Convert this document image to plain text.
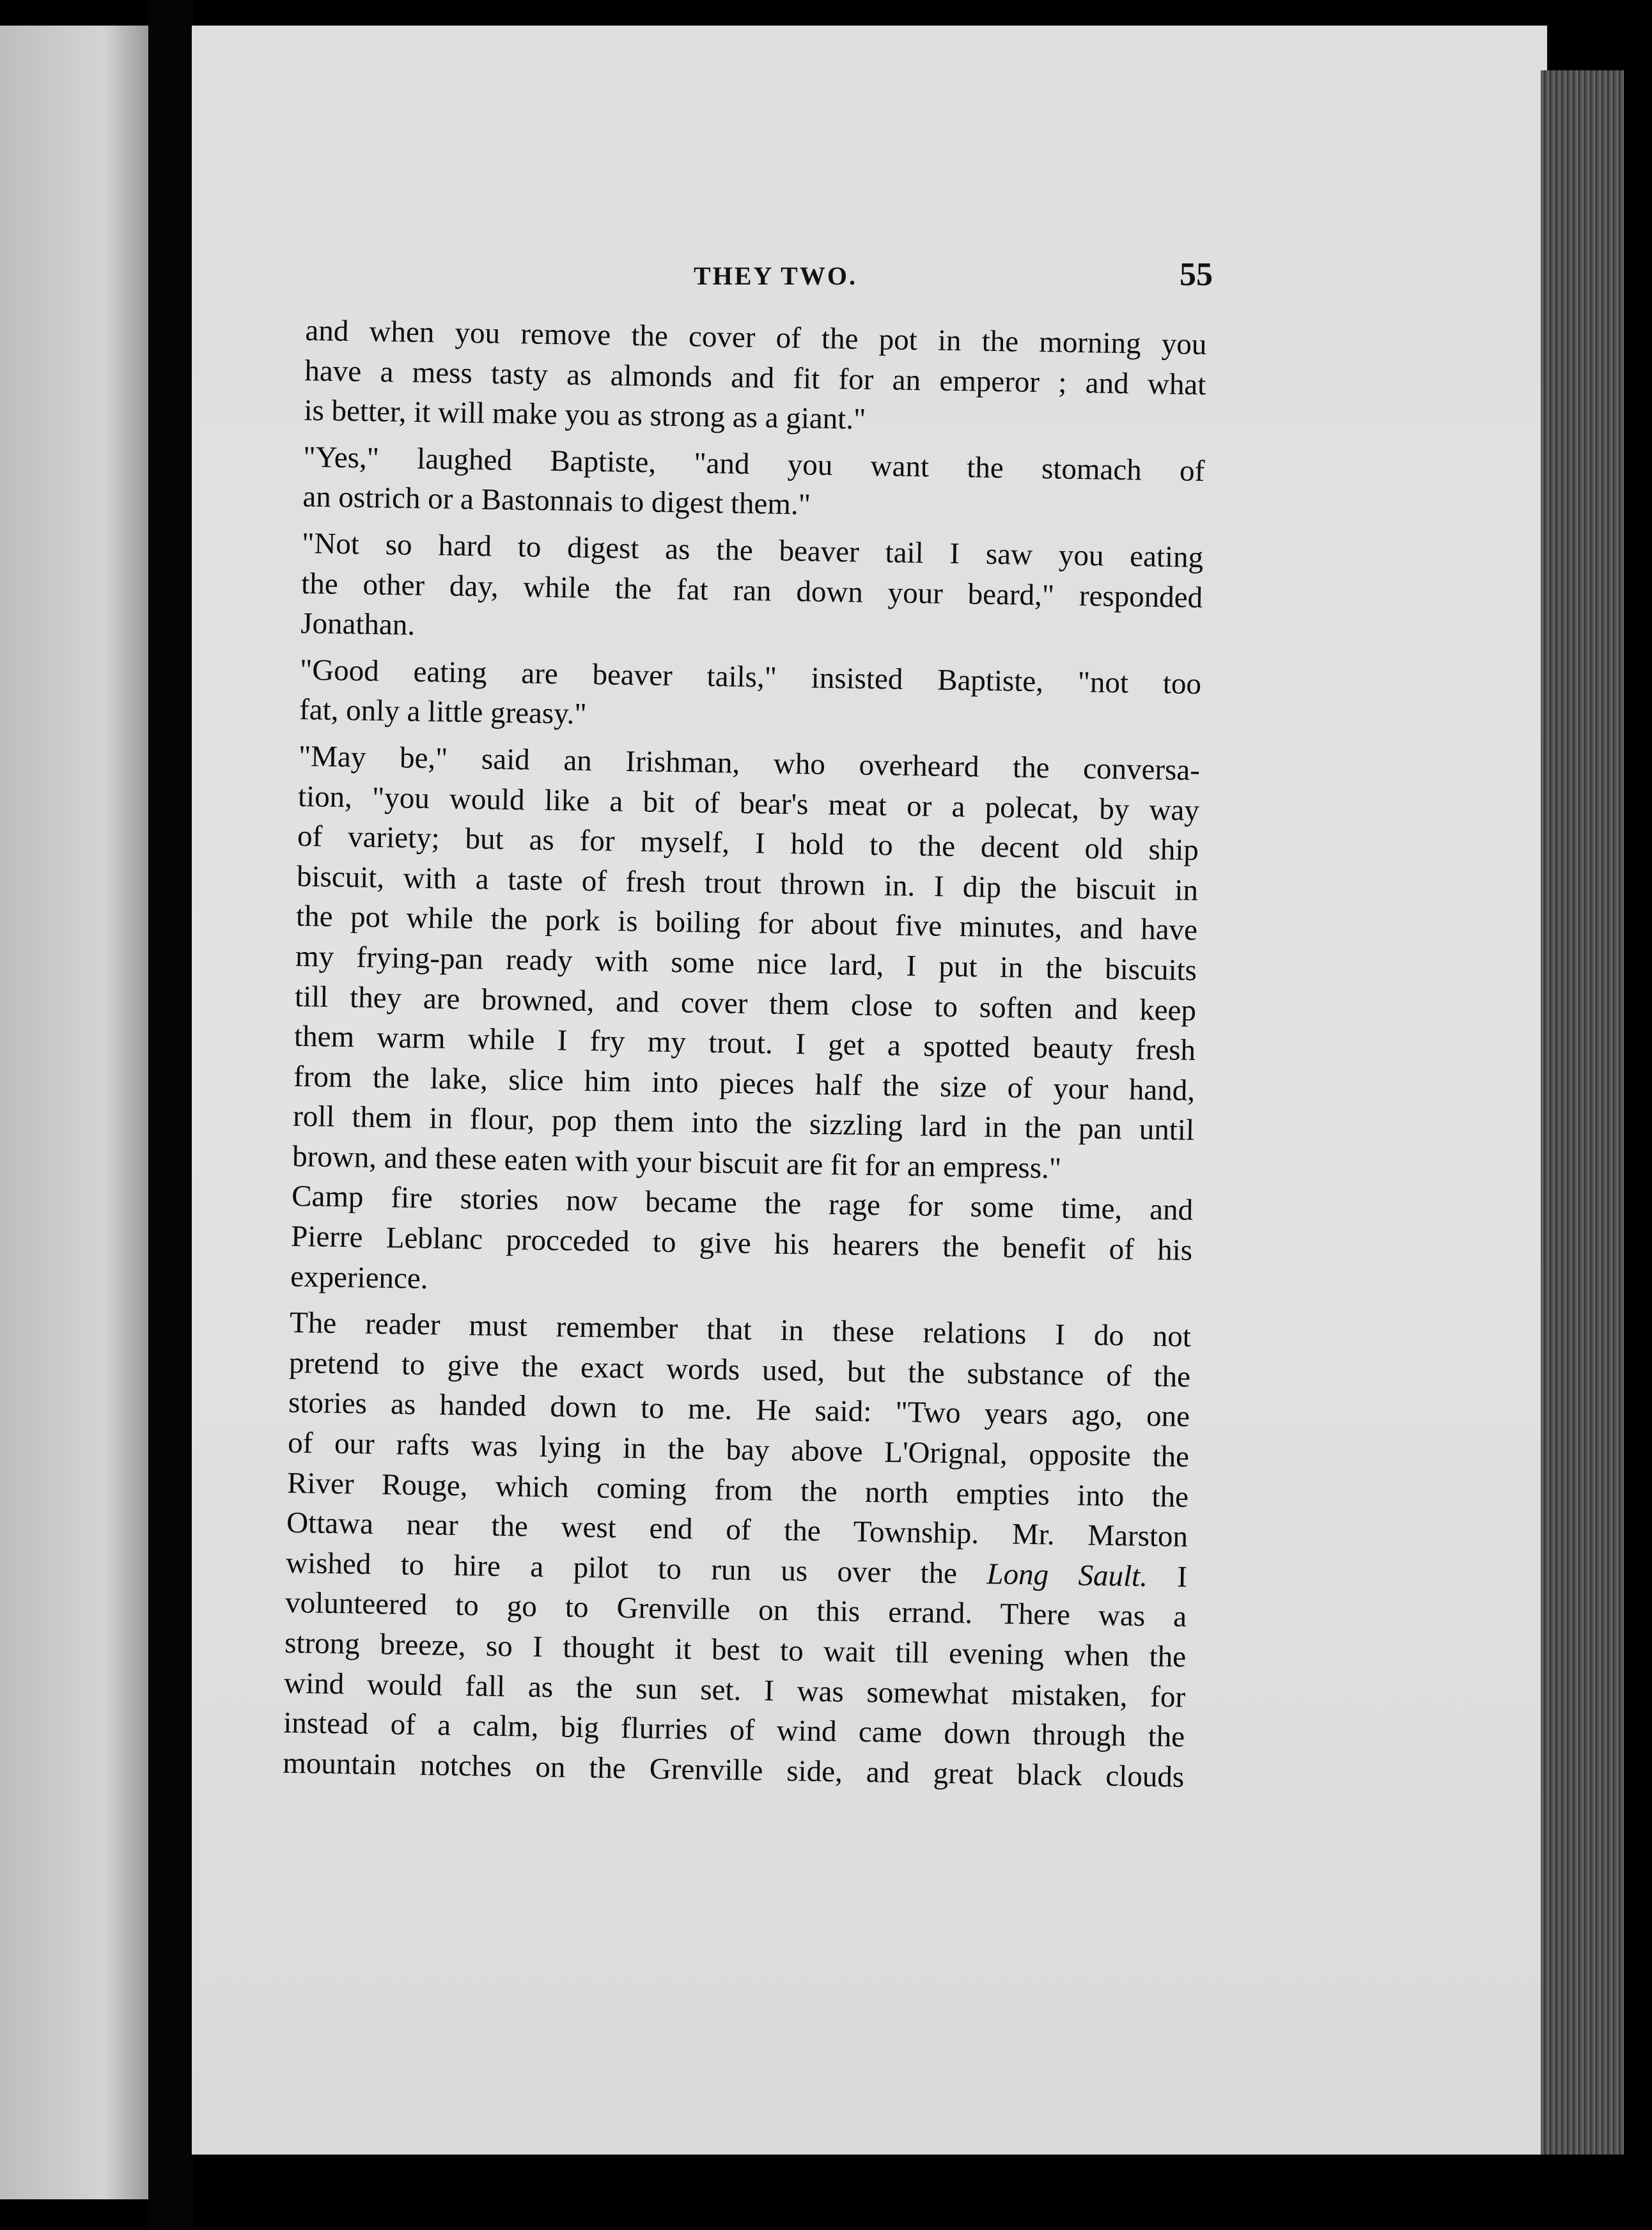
THEY TWO.	55
and when you remove the cover of the pot in the morning you
have a mess tasty as almonds and fit for an emperor ; and what
is better, it will make you as strong as a giant."
"Yes," laughed Baptiste, "and you want the stomach of
an ostrich or a Bastonnais to digest them."
"Not so hard to digest as the beaver tail I saw you eating
the other day, while the fat ran down your beard," responded
Jonathan.
"Good eating are beaver tails," insisted Baptiste, "not too
fat, only a little greasy."
"May be," said an Irishman, who overheard the conversa-
tion, "you would like a bit of bear's meat or a polecat, by way
of variety; but as for myself, I hold to the decent old ship
biscuit, with a taste of fresh trout thrown in. I dip the biscuit in
the pot while the pork is boiling for about five minutes, and have
my frying-pan ready with some nice lard, I put in the biscuits
till they are browned, and cover them close to soften and keep
them warm while I fry my trout. I get a spotted beauty fresh
from the lake, slice him into pieces half the size of your hand,
roll them in flour, pop them into the sizzling lard in the pan until
brown, and these eaten with your biscuit are fit for an empress."
Camp fire stories now became the rage for some time, and
Pierre Leblanc procceded to give his hearers the benefit of his
experience.
The reader must remember that in these relations I do not
pretend to give the exact words used, but the substance of the
stories as handed down to me. He said: "Two years ago, one
of our rafts was lying in the bay above L'Orignal, opposite the
River Rouge, which coming from the north empties into the
Ottawa near the west end of the Township. Mr. Marston
wished to hire a pilot to run us over the Long Sault. I
volunteered to go to Grenville on this errand. There was a
strong breeze, so I thought it best to wait till evening when the
wind would fall as the sun set. I was somewhat mistaken, for
instead of a calm, big flurries of wind came down through the
mountain notches on the Grenville side, and great black clouds
